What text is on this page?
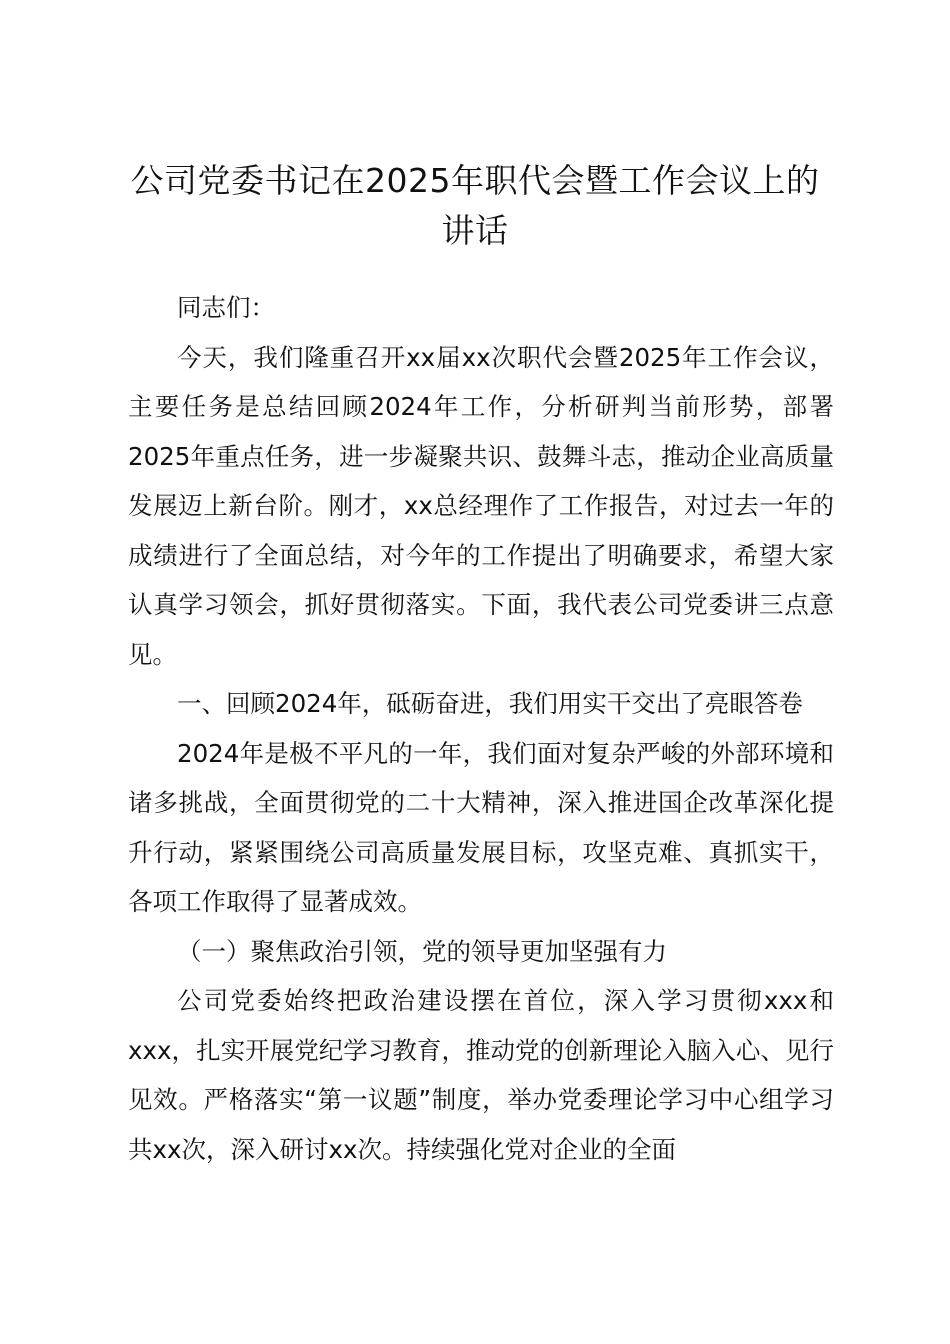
公司党委书记在2025年职代会暨工作会议上的讲话

同志们：

今天，我们隆重召开xx届xx次职代会暨2025年工作会议，主要任务是总结回顾2024年工作，分析研判当前形势，部署2025年重点任务，进一步凝聚共识、鼓舞斗志，推动企业高质量发展迈上新台阶。刚才，xx总经理作了工作报告，对过去一年的成绩进行了全面总结，对今年的工作提出了明确要求，希望大家认真学习领会，抓好贯彻落实。下面，我代表公司党委讲三点意见。

一、回顾2024年，砥砺奋进，我们用实干交出了亮眼答卷

2024年是极不平凡的一年，我们面对复杂严峻的外部环境和诸多挑战，全面贯彻党的二十大精神，深入推进国企改革深化提升行动，紧紧围绕公司高质量发展目标，攻坚克难、真抓实干，各项工作取得了显著成效。

（一）聚焦政治引领，党的领导更加坚强有力

公司党委始终把政治建设摆在首位，深入学习贯彻xxx和xxx，扎实开展党纪学习教育，推动党的创新理论入脑入心、见行见效。严格落实“第一议题”制度，举办党委理论学习中心组学习共xx次，深入研讨xx次。持续强化党对企业的全面
